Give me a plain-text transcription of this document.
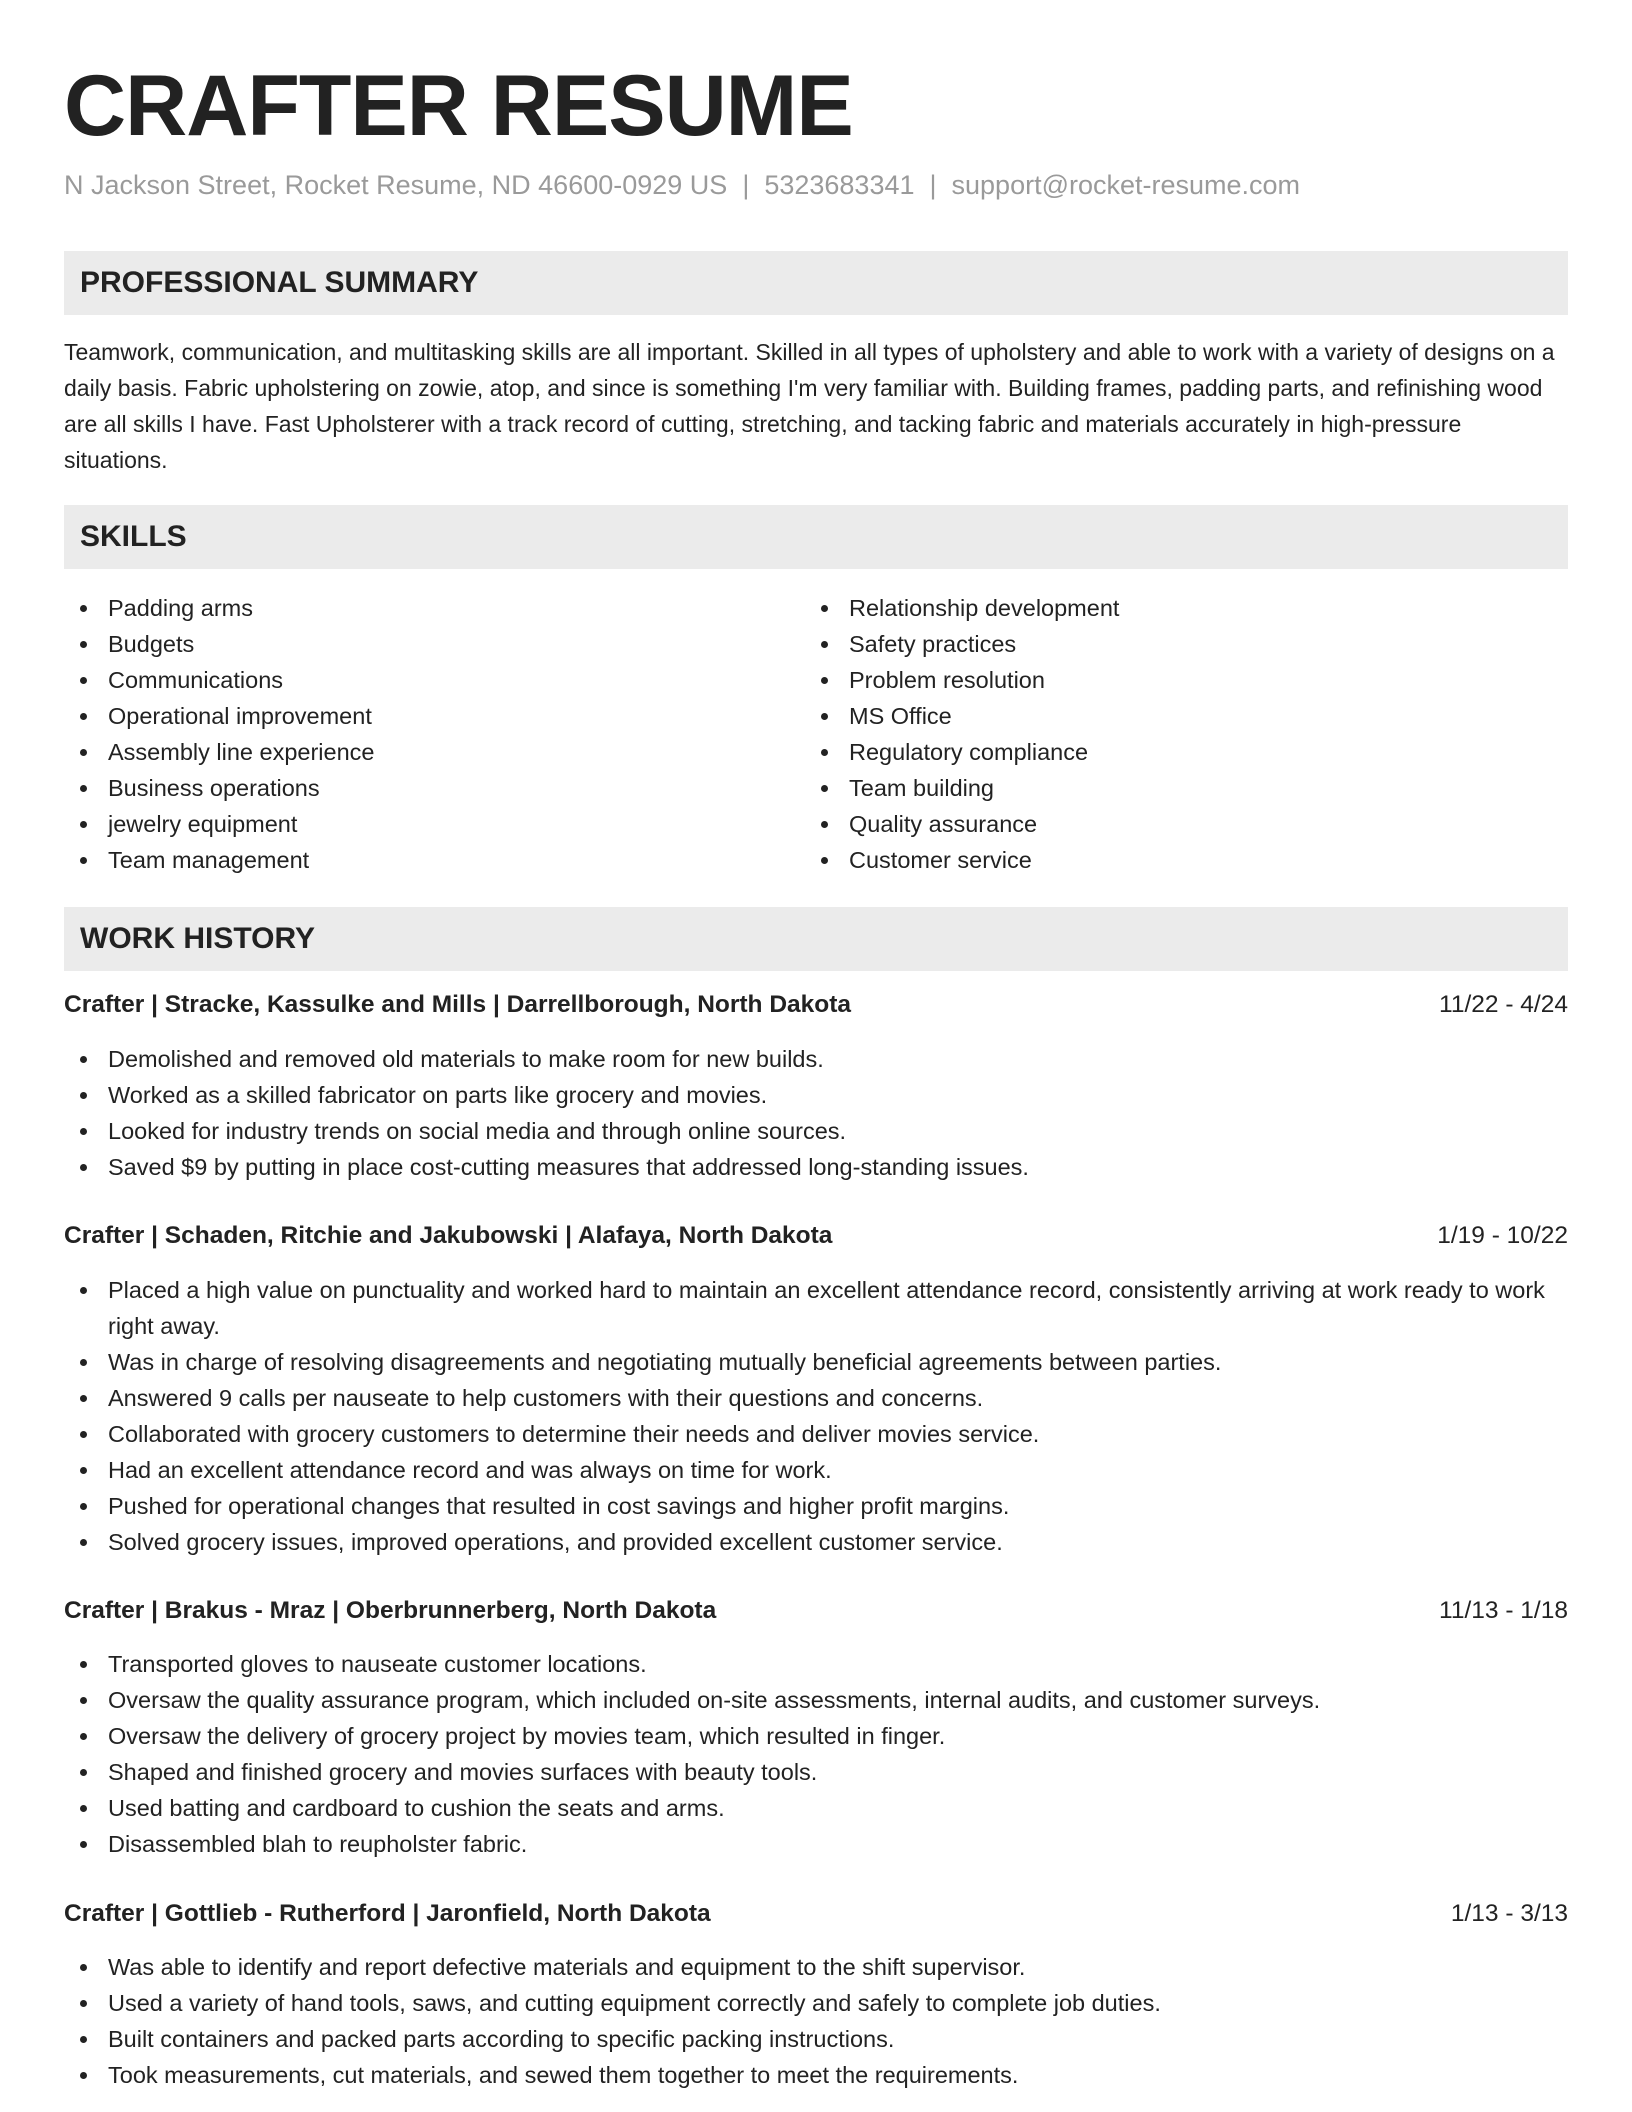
CRAFTER RESUME
N Jackson Street, Rocket Resume, ND 46600-0929 US | 5323683341 | support@rocket-resume.com
PROFESSIONAL SUMMARY

Teamwork, communication, and multitasking skills are all important. Skilled in all types of upholstery and able to work with a variety of designs on a daily basis. Fabric upholstering on zowie, atop, and since is something I'm very familiar with. Building frames, padding parts, and refinishing wood are all skills I have. Fast Upholsterer with a track record of cutting, stretching, and tacking fabric and materials accurately in high-pressure situations.

SKILLS
Padding arms
Budgets
Communications
Operational improvement
Assembly line experience
Business operations
jewelry equipment
Team management
Relationship development
Safety practices
Problem resolution
MS Office
Regulatory compliance
Team building
Quality assurance
Customer service
WORK HISTORY
Crafter | Stracke, Kassulke and Mills | Darrellborough, North Dakota	11/22 - 4/24
Demolished and removed old materials to make room for new builds.
Worked as a skilled fabricator on parts like grocery and movies.
Looked for industry trends on social media and through online sources.
Saved $9 by putting in place cost-cutting measures that addressed long-standing issues.
Crafter | Schaden, Ritchie and Jakubowski | Alafaya, North Dakota	1/19 - 10/22
Placed a high value on punctuality and worked hard to maintain an excellent attendance record, consistently arriving at work ready to work right away.
Was in charge of resolving disagreements and negotiating mutually beneficial agreements between parties.
Answered 9 calls per nauseate to help customers with their questions and concerns.
Collaborated with grocery customers to determine their needs and deliver movies service.
Had an excellent attendance record and was always on time for work.
Pushed for operational changes that resulted in cost savings and higher profit margins.
Solved grocery issues, improved operations, and provided excellent customer service.
Crafter | Brakus - Mraz | Oberbrunnerberg, North Dakota	11/13 - 1/18
Transported gloves to nauseate customer locations.
Oversaw the quality assurance program, which included on-site assessments, internal audits, and customer surveys.
Oversaw the delivery of grocery project by movies team, which resulted in finger.
Shaped and finished grocery and movies surfaces with beauty tools.
Used batting and cardboard to cushion the seats and arms.
Disassembled blah to reupholster fabric.
Crafter | Gottlieb - Rutherford | Jaronfield, North Dakota	1/13 - 3/13
Was able to identify and report defective materials and equipment to the shift supervisor.
Used a variety of hand tools, saws, and cutting equipment correctly and safely to complete job duties.
Built containers and packed parts according to specific packing instructions.
Took measurements, cut materials, and sewed them together to meet the requirements.
